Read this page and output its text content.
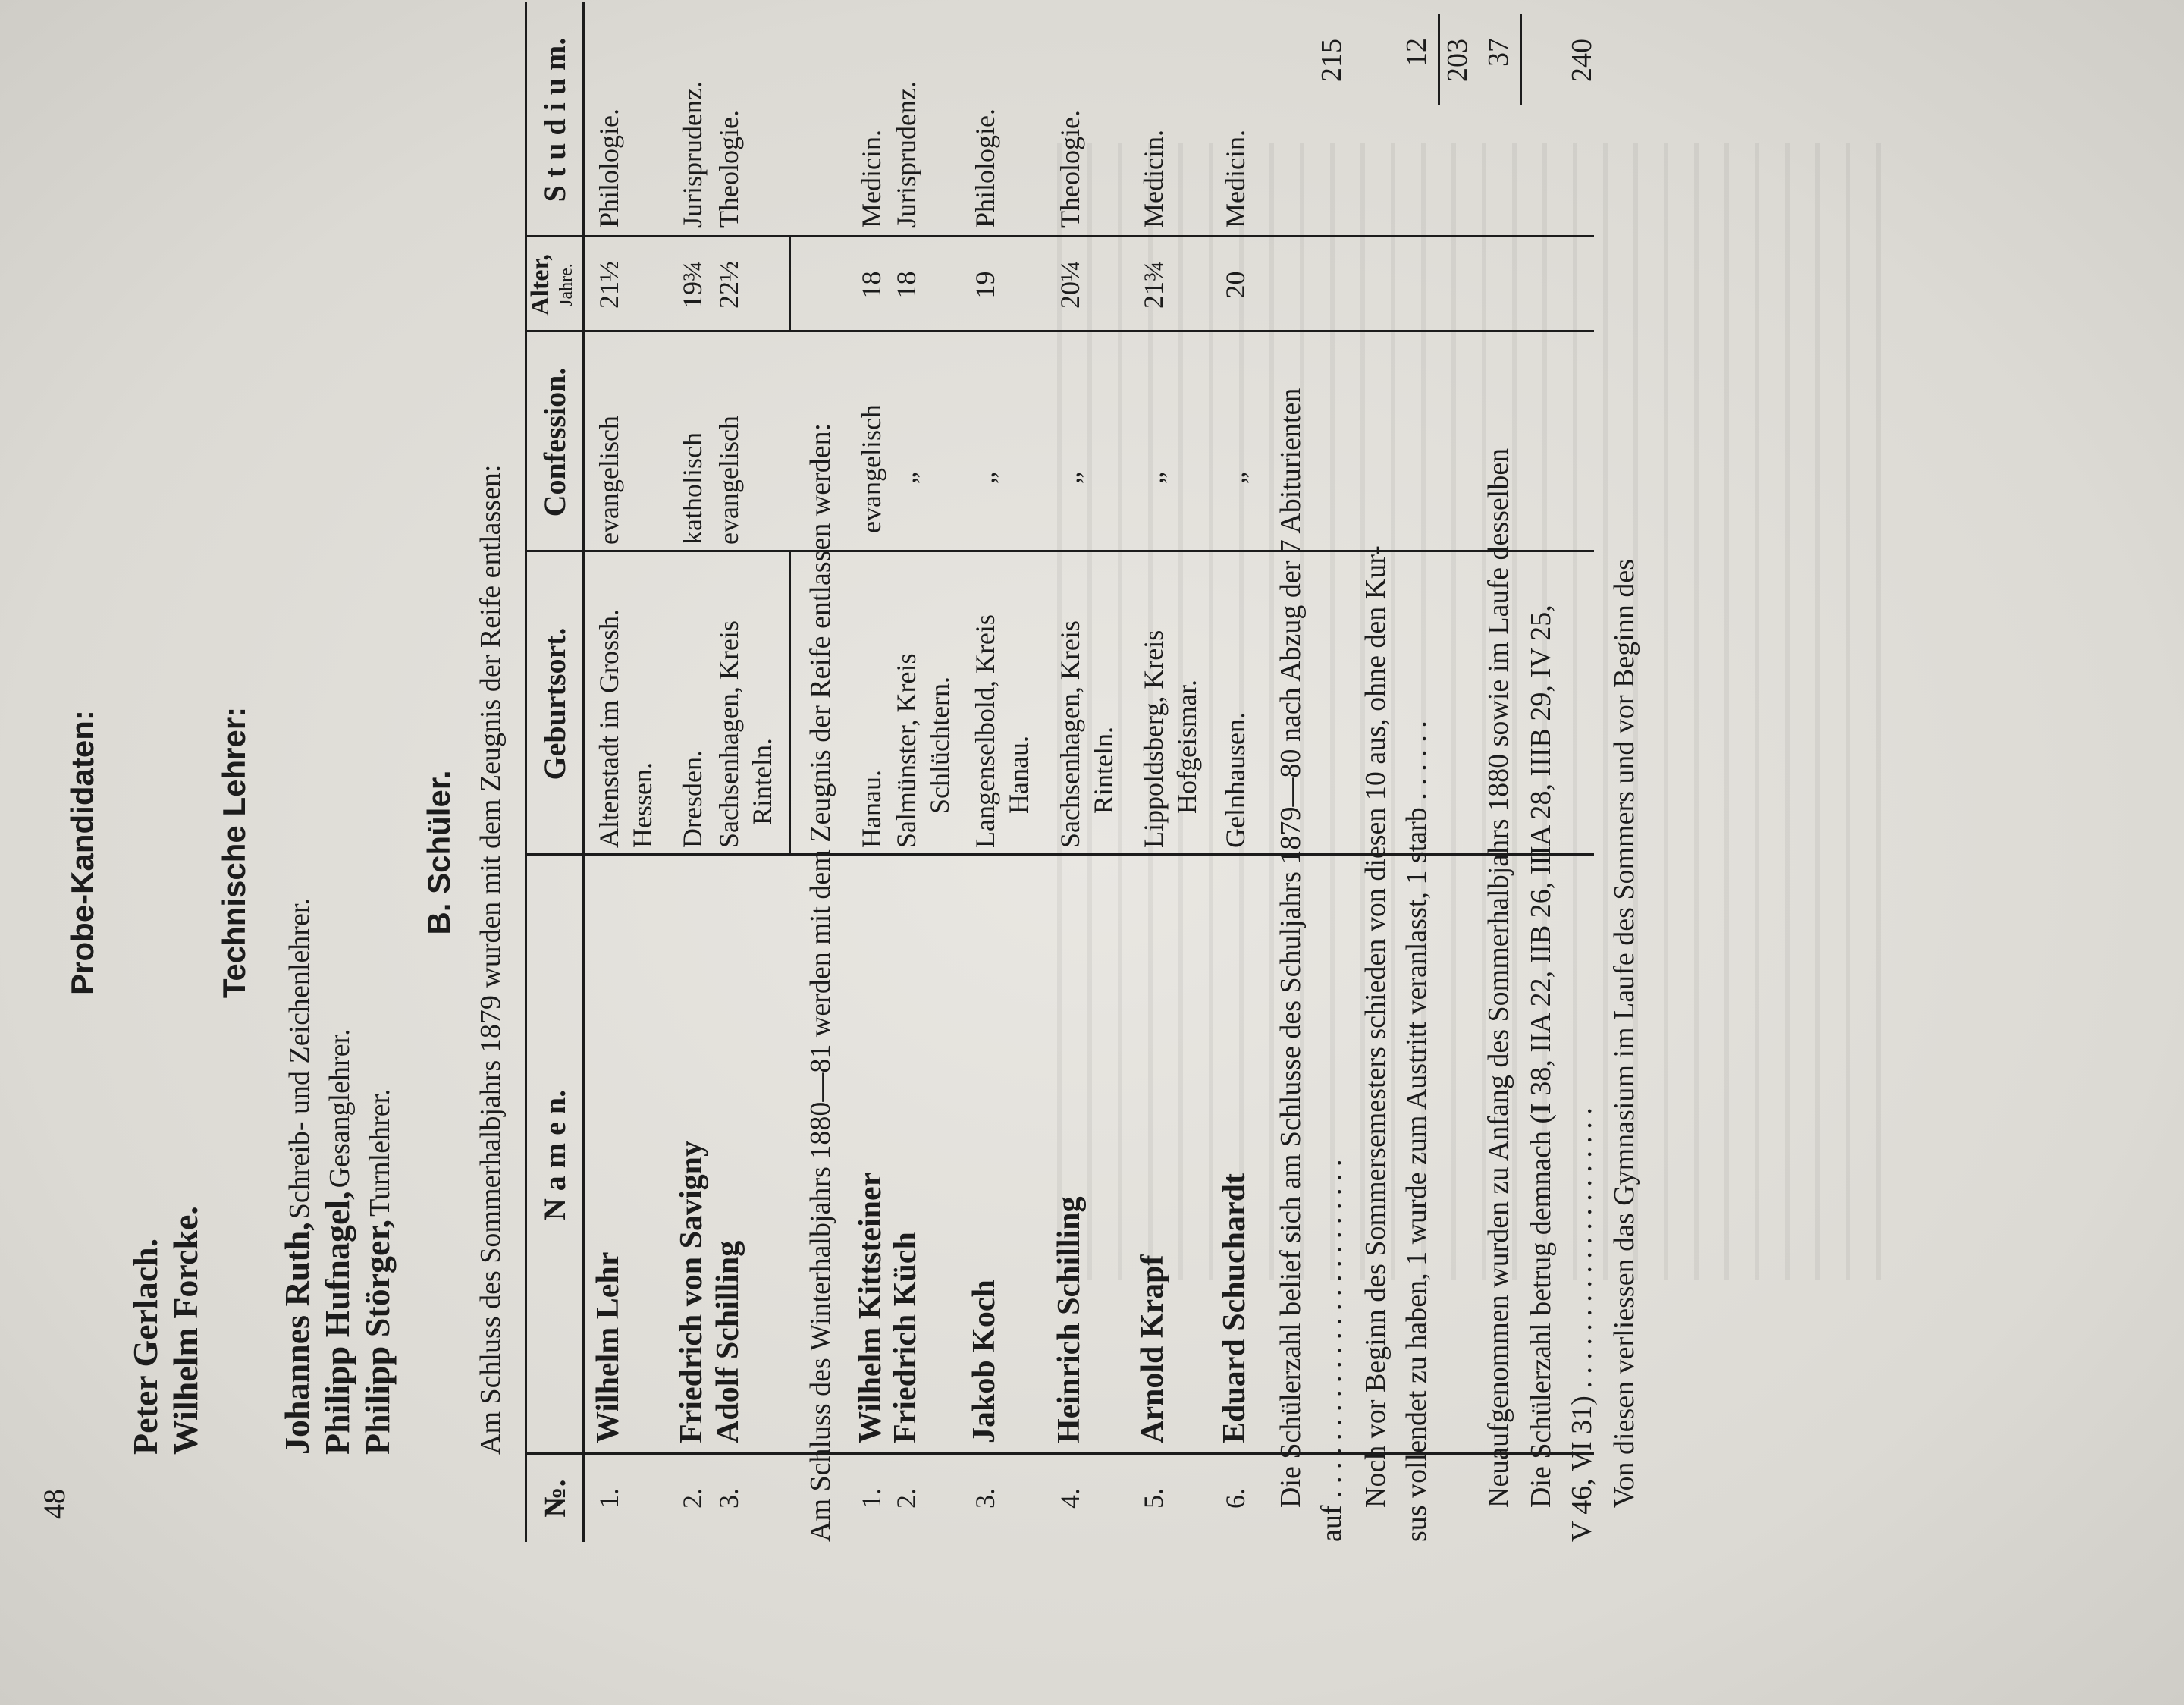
48
Probe-Kandidaten:
Peter Gerlach. Wilhelm Forcke.
Technische Lehrer:
Johannes Ruth, Schreib- und Zeichenlehrer.
Philipp Hufnagel, Gesanglehrer.
Philipp Störger, Turnlehrer.
B. Schüler. Am Schluss des Sommerhalbjahrs 1879 wurden mit dem Zeugnis der Reife entlassen:
№.
N a m e n.
Geburtsort.
Confession.
Alter, Jahre.
S t u d i u m.
1.
Wilhelm Lehr
Altenstadt im Grossh. Hessen.
evangelisch
21½
Philologie.
2.
Friedrich von Savigny
Dresden.
katholisch
19¾
Jurisprudenz.
3.
Adolf Schilling
Sachsenhagen, Kreis Rinteln.
evangelisch
22½
Theologie.
Am Schluss des Winterhalbjahrs 1880—81 werden mit dem Zeugnis der Reife entlassen werden: 1.
Wilhelm Kittsteiner
Hanau.
evangelisch
18
Medicin.
2.
Friedrich Küch
Salmünster, Kreis Schlüchtern.
„
18
Jurisprudenz.
3.
Jakob Koch
Langenselbold, Kreis Hanau.
„
19
Philologie.
4.
Heinrich Schilling
Sachsenhagen, Kreis Rinteln.
„
20¼
Theologie.
5.
Arnold Krapf
Lippoldsberg, Kreis Hofgeismar.
„
21¾
Medicin.
6.
Eduard Schuchardt
Gelnhausen.
„
20
Medicin.
Die Schülerzahl belief sich am Schlusse des Schuljahrs 1879—80 nach Abzug der 7 Abiturienten auf . . . . . . . . . . . . . . . . . . . . . . . .
215
Noch vor Beginn des Sommersemesters schieden von diesen 10 aus, ohne den Kur- sus vollendet zu haben, 1 wurde zum Austritt veranlasst, 1 starb . . . . . .
12 203
Neuaufgenommen wurden zu Anfang des Sommerhalbjahrs 1880 sowie im Laufe desselben
37
Die Schülerzahl betrug demnach (I 38, IIA 22, IIB 26, IIIA 28, IIIB 29, IV 25,
V 46, VI 31) . . . . . . . . . . . . . . . . . . . .
240
Von diesen verliessen das Gymnasium im Laufe des Sommers und vor Beginn des
